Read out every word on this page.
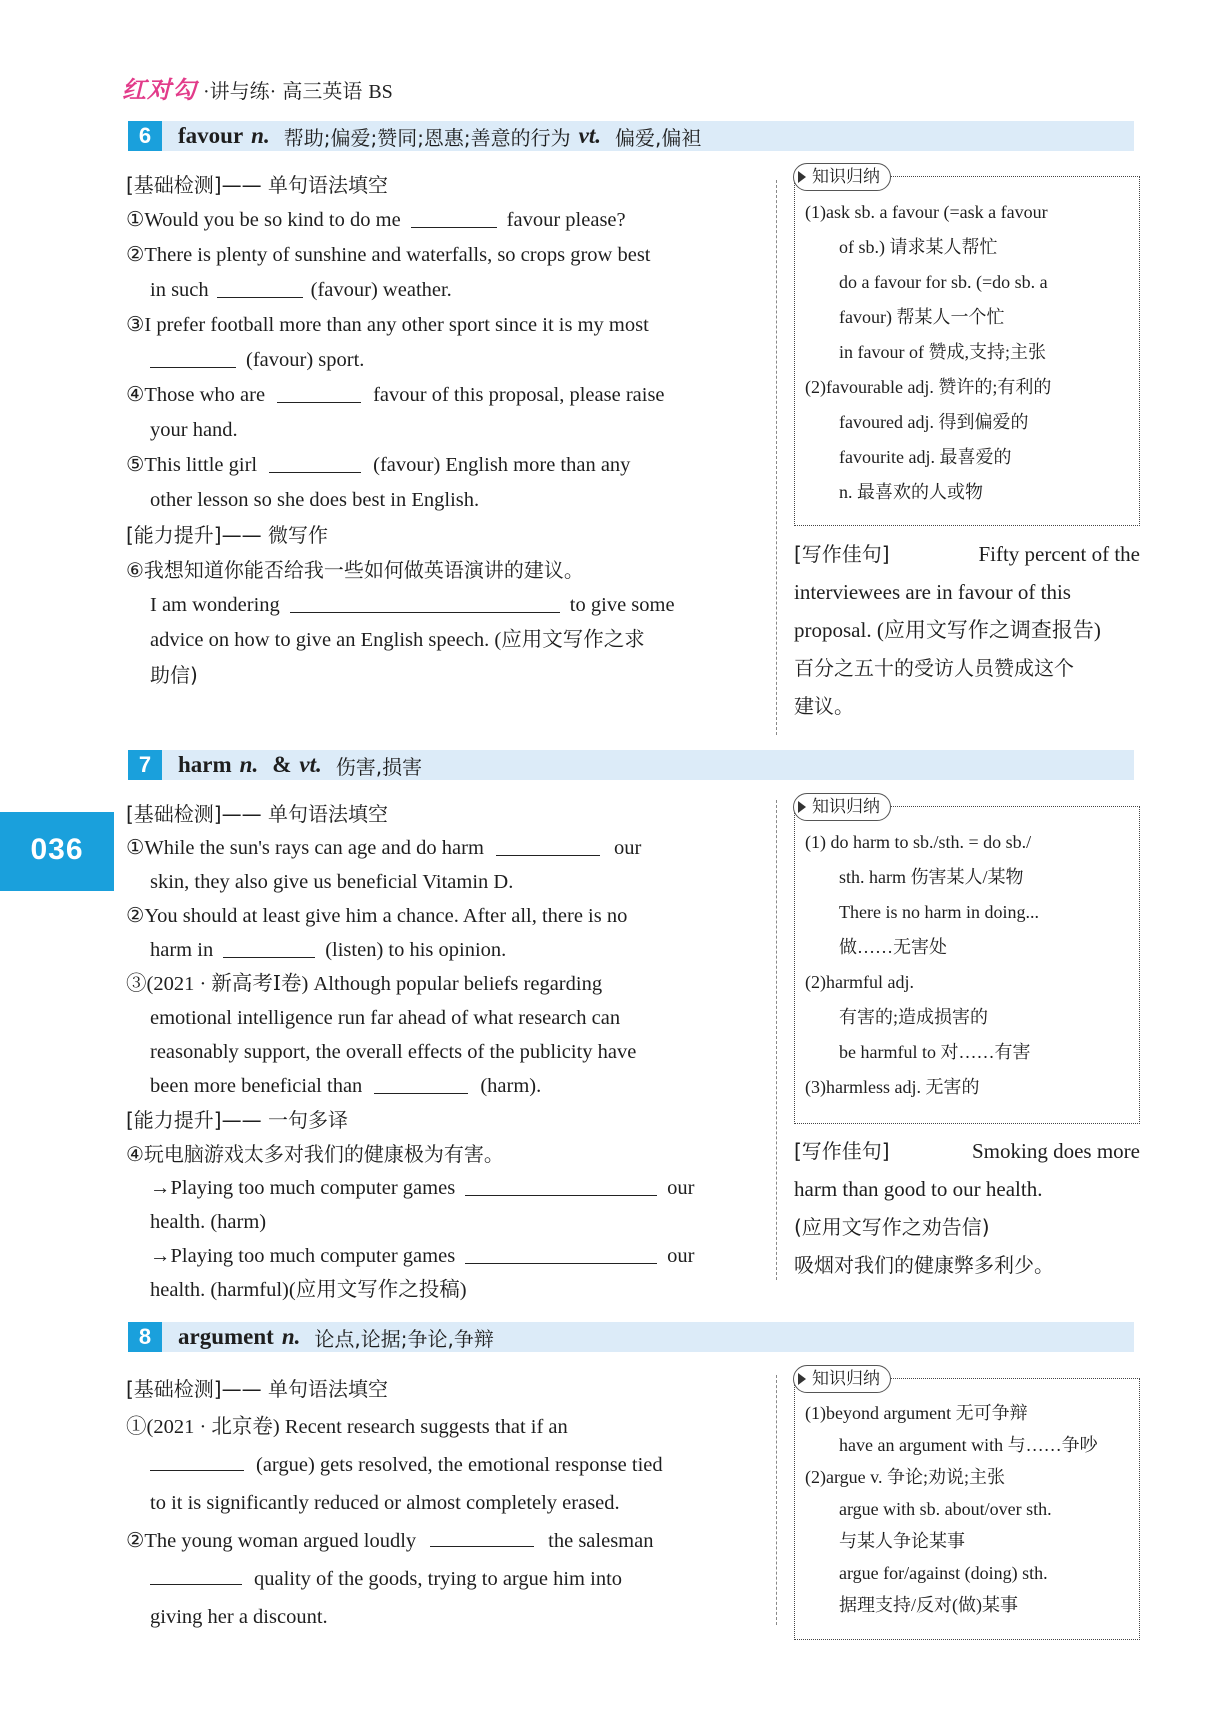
红对勾 ·讲与练· 高三英语 BS
036
6	favour n. 帮助;偏爱;赞同;恩惠;善意的行为 vt. 偏爱,偏袒
[基础检测]—— 单句语法填空
①Would you be so kind to do me	favour please?
②There is plenty of sunshine and waterfalls, so crops grow best
in such	(favour) weather.
③I prefer football more than any other sport since it is my most
(favour) sport.
④Those who are	favour of this proposal, please raise
your hand.
⑤This little girl	(favour) English more than any
other lesson so she does best in English.
[能力提升]—— 微写作
⑥我想知道你能否给我一些如何做英语演讲的建议。
I am wondering	to give some
advice on how to give an English speech. (应用文写作之求
助信)
知识归纳
(1)ask sb. a favour (=ask a favour
of sb.) 请求某人帮忙
do a favour for sb. (=do sb. a
favour) 帮某人一个忙
in favour of 赞成,支持;主张
(2)favourable adj. 赞许的;有利的
favoured adj. 得到偏爱的
favourite adj. 最喜爱的
n. 最喜欢的人或物
[写作佳句]	Fifty percent of the
interviewees are in favour of this
proposal. (应用文写作之调查报告)
百分之五十的受访人员赞成这个
建议。
7	harm n. & vt. 伤害,损害
[基础检测]—— 单句语法填空
①While the sun's rays can age and do harm	our
skin, they also give us beneficial Vitamin D.
②You should at least give him a chance. After all, there is no
harm in	(listen) to his opinion.
③(2021 · 新高考Ⅰ卷) Although popular beliefs regarding
emotional intelligence run far ahead of what research can
reasonably support, the overall effects of the publicity have
been more beneficial than	(harm).
[能力提升]—— 一句多译
④玩电脑游戏太多对我们的健康极为有害。
→Playing too much computer games	our
health. (harm)
→Playing too much computer games	our
health. (harmful)(应用文写作之投稿)
知识归纳
(1) do harm to sb./sth. = do sb./
sth. harm 伤害某人/某物
There is no harm in doing...
做……无害处
(2)harmful adj.
有害的;造成损害的
be harmful to 对……有害
(3)harmless adj. 无害的
[写作佳句]	Smoking does more
harm than good to our health.
(应用文写作之劝告信)
吸烟对我们的健康弊多利少。
8	argument n. 论点,论据;争论,争辩
[基础检测]—— 单句语法填空
①(2021 · 北京卷) Recent research suggests that if an
(argue) gets resolved, the emotional response tied
to it is significantly reduced or almost completely erased.
②The young woman argued loudly	the salesman
quality of the goods, trying to argue him into
giving her a discount.
知识归纳
(1)beyond argument 无可争辩
have an argument with 与……争吵
(2)argue v. 争论;劝说;主张
argue with sb. about/over sth.
与某人争论某事
argue for/against (doing) sth.
据理支持/反对(做)某事
